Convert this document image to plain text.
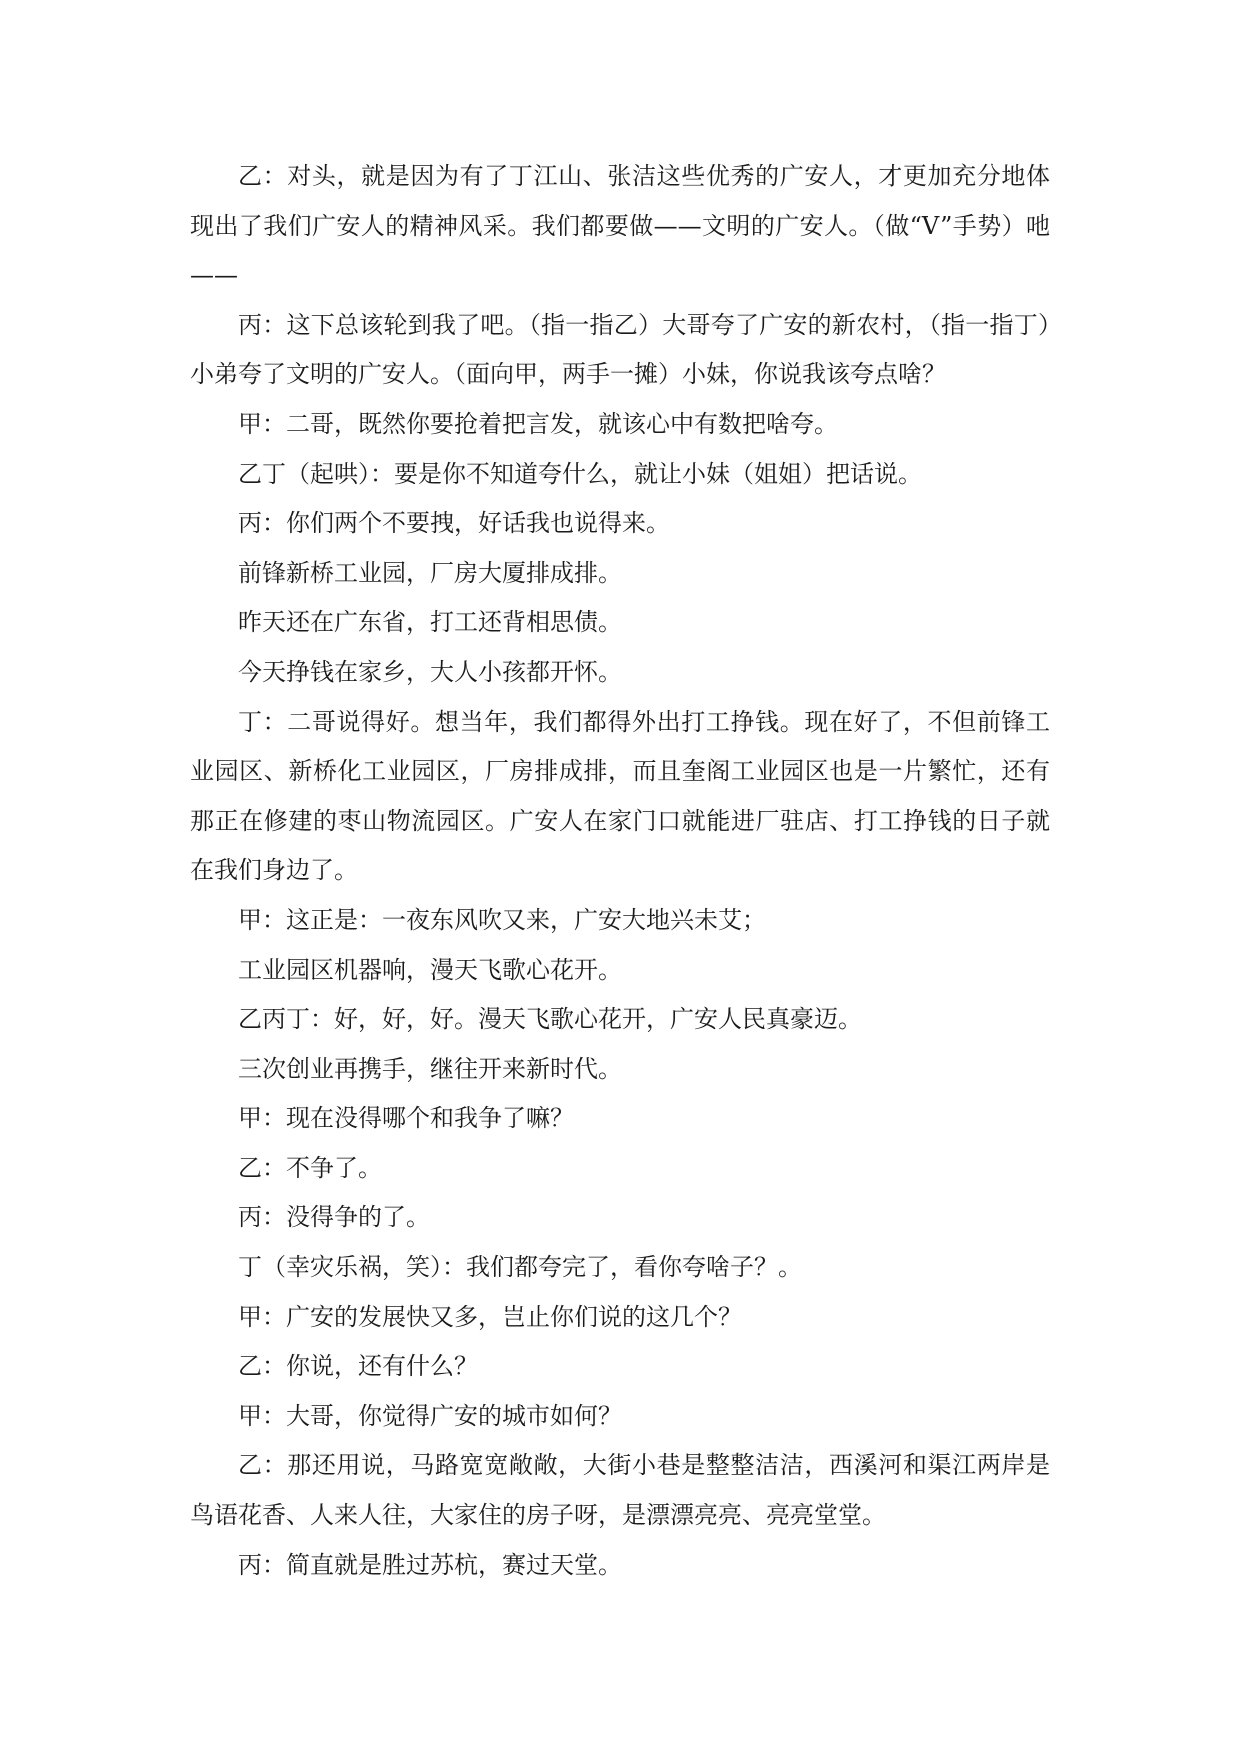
乙：对头，就是因为有了丁江山、张洁这些优秀的广安人，才更加充分地体现出了我们广安人的精神风采。我们都要做——文明的广安人。（做“V”手势）吔——

丙：这下总该轮到我了吧。（指一指乙）大哥夸了广安的新农村，（指一指丁）小弟夸了文明的广安人。（面向甲，两手一摊）小妹，你说我该夸点啥？

甲：二哥，既然你要抢着把言发，就该心中有数把啥夸。

乙丁（起哄）：要是你不知道夸什么，就让小妹（姐姐）把话说。

丙：你们两个不要拽，好话我也说得来。

前锋新桥工业园，厂房大厦排成排。

昨天还在广东省，打工还背相思债。

今天挣钱在家乡，大人小孩都开怀。

丁：二哥说得好。想当年，我们都得外出打工挣钱。现在好了，不但前锋工业园区、新桥化工业园区，厂房排成排，而且奎阁工业园区也是一片繁忙，还有那正在修建的枣山物流园区。广安人在家门口就能进厂驻店、打工挣钱的日子就在我们身边了。

甲：这正是：一夜东风吹又来，广安大地兴未艾；

工业园区机器响，漫天飞歌心花开。

乙丙丁：好，好，好。漫天飞歌心花开，广安人民真豪迈。

三次创业再携手，继往开来新时代。

甲：现在没得哪个和我争了嘛？

乙：不争了。

丙：没得争的了。

丁（幸灾乐祸，笑）：我们都夸完了，看你夸啥子？。

甲：广安的发展快又多，岂止你们说的这几个？

乙：你说，还有什么？

甲：大哥，你觉得广安的城市如何？

乙：那还用说，马路宽宽敞敞，大街小巷是整整洁洁，西溪河和渠江两岸是鸟语花香、人来人往，大家住的房子呀，是漂漂亮亮、亮亮堂堂。

丙：简直就是胜过苏杭，赛过天堂。
